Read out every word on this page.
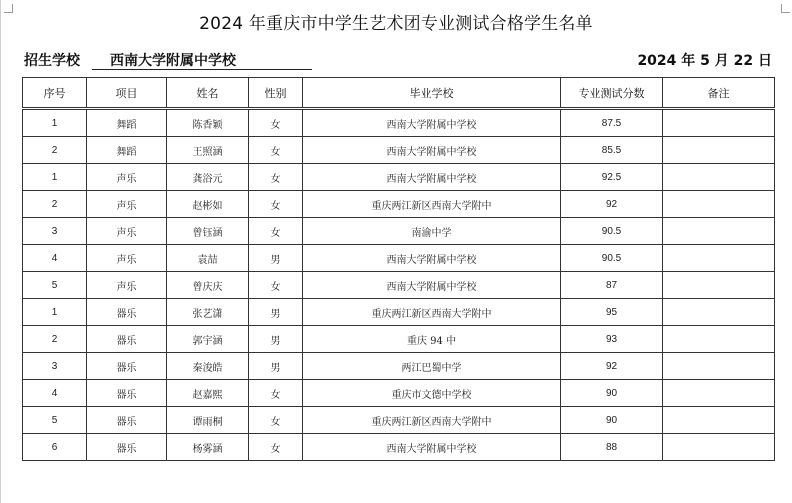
2024 年重庆市中学生艺术团专业测试合格学生名单
招生学校	西南大学附属中学校	2024 年 5 月 22 日
序号	项目	姓名	性别	毕业学校	专业测试分数	备注
1	舞蹈	陈香颖	女	西南大学附属中学校	87.5	
2	舞蹈	王照涵	女	西南大学附属中学校	85.5	
1	声乐	龚浴元	女	西南大学附属中学校	92.5	
2	声乐	赵彬如	女	重庆两江新区西南大学附中	92	
3	声乐	曾钰涵	女	南渝中学	90.5	
4	声乐	袁喆	男	西南大学附属中学校	90.5	
5	声乐	曾庆庆	女	西南大学附属中学校	87	
1	器乐	张艺潇	男	重庆两江新区西南大学附中	95	
2	器乐	郭宇涵	男	重庆 94 中	93	
3	器乐	秦浚皓	男	两江巴蜀中学	92	
4	器乐	赵嘉熙	女	重庆市文德中学校	90	
5	器乐	谭雨桐	女	重庆两江新区西南大学附中	90	
6	器乐	杨雾涵	女	西南大学附属中学校	88	
